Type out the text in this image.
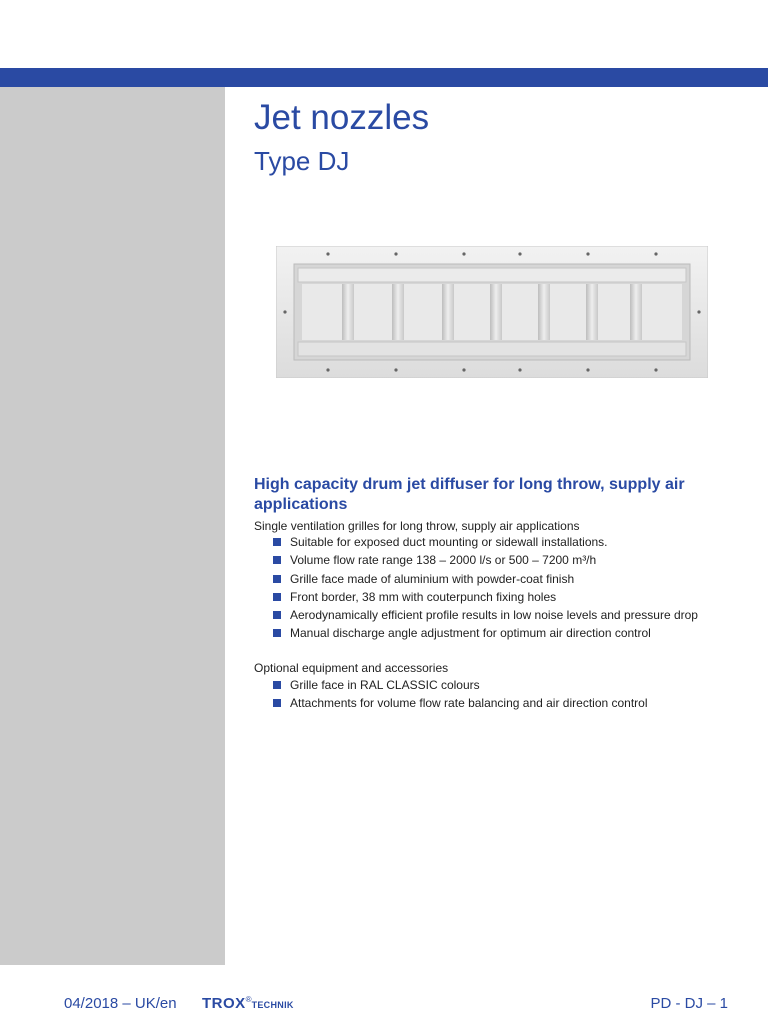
Jet nozzles
Type DJ

High capacity drum jet diffuser for long throw, supply air applications

Single ventilation grilles for long throw, supply air applications

Suitable for exposed duct mounting or sidewall installations.
Volume flow rate range 138 – 2000 l/s or 500 – 7200 m³/h
Grille face made of aluminium with powder-coat finish
Front border, 38 mm with couterpunch fixing holes
Aerodynamically efficient profile results in low noise levels and pressure drop
Manual discharge angle adjustment for optimum air direction control

Optional equipment and accessories

Grille face in RAL CLASSIC colours
Attachments for volume flow rate balancing and air direction control
04/2018 – UK/en TROX®TECHNIK	PD - DJ – 1
